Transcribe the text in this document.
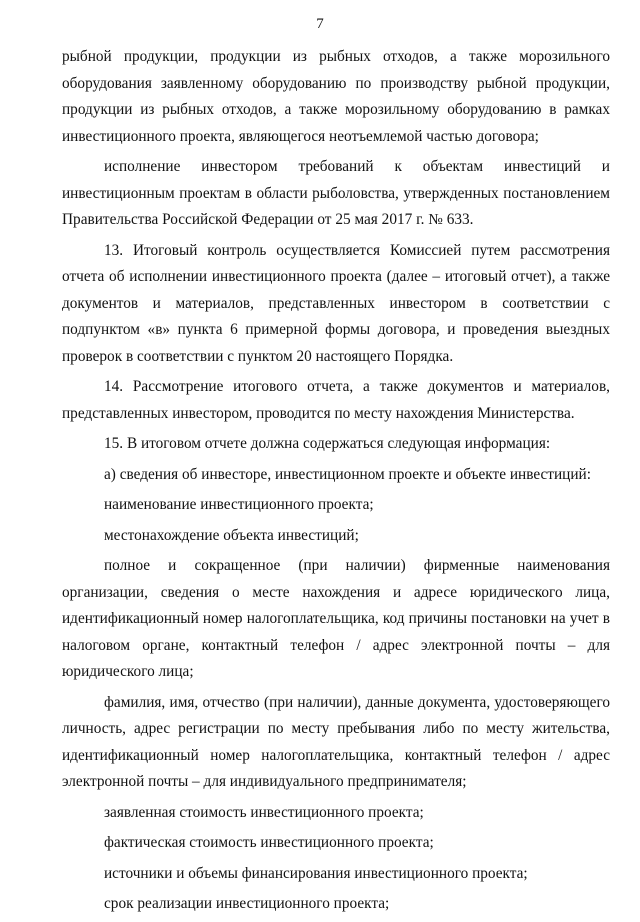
7

рыбной продукции, продукции из рыбных отходов, а также морозильного оборудования заявленному оборудованию по производству рыбной продукции, продукции из рыбных отходов, а также морозильному оборудованию в рамках инвестиционного проекта, являющегося неотъемлемой частью договора;

исполнение инвестором требований к объектам инвестиций и инвестиционным проектам в области рыболовства, утвержденных постановлением Правительства Российской Федерации от 25 мая 2017 г. № 633.

13. Итоговый контроль осуществляется Комиссией путем рассмотрения отчета об исполнении инвестиционного проекта (далее – итоговый отчет), а также документов и материалов, представленных инвестором в соответствии с подпунктом «в» пункта 6 примерной формы договора, и проведения выездных проверок в соответствии с пунктом 20 настоящего Порядка.

14. Рассмотрение итогового отчета, а также документов и материалов, представленных инвестором, проводится по месту нахождения Министерства.

15. В итоговом отчете должна содержаться следующая информация:

а) сведения об инвесторе, инвестиционном проекте и объекте инвестиций:

наименование инвестиционного проекта;

местонахождение объекта инвестиций;

полное и сокращенное (при наличии) фирменные наименования организации, сведения о месте нахождения и адресе юридического лица, идентификационный номер налогоплательщика, код причины постановки на учет в налоговом органе, контактный телефон / адрес электронной почты – для юридического лица;

фамилия, имя, отчество (при наличии), данные документа, удостоверяющего личность, адрес регистрации по месту пребывания либо по месту жительства, идентификационный номер налогоплательщика, контактный телефон / адрес электронной почты – для индивидуального предпринимателя;

заявленная стоимость инвестиционного проекта;

фактическая стоимость инвестиционного проекта;

источники и объемы финансирования инвестиционного проекта;

срок реализации инвестиционного проекта;
